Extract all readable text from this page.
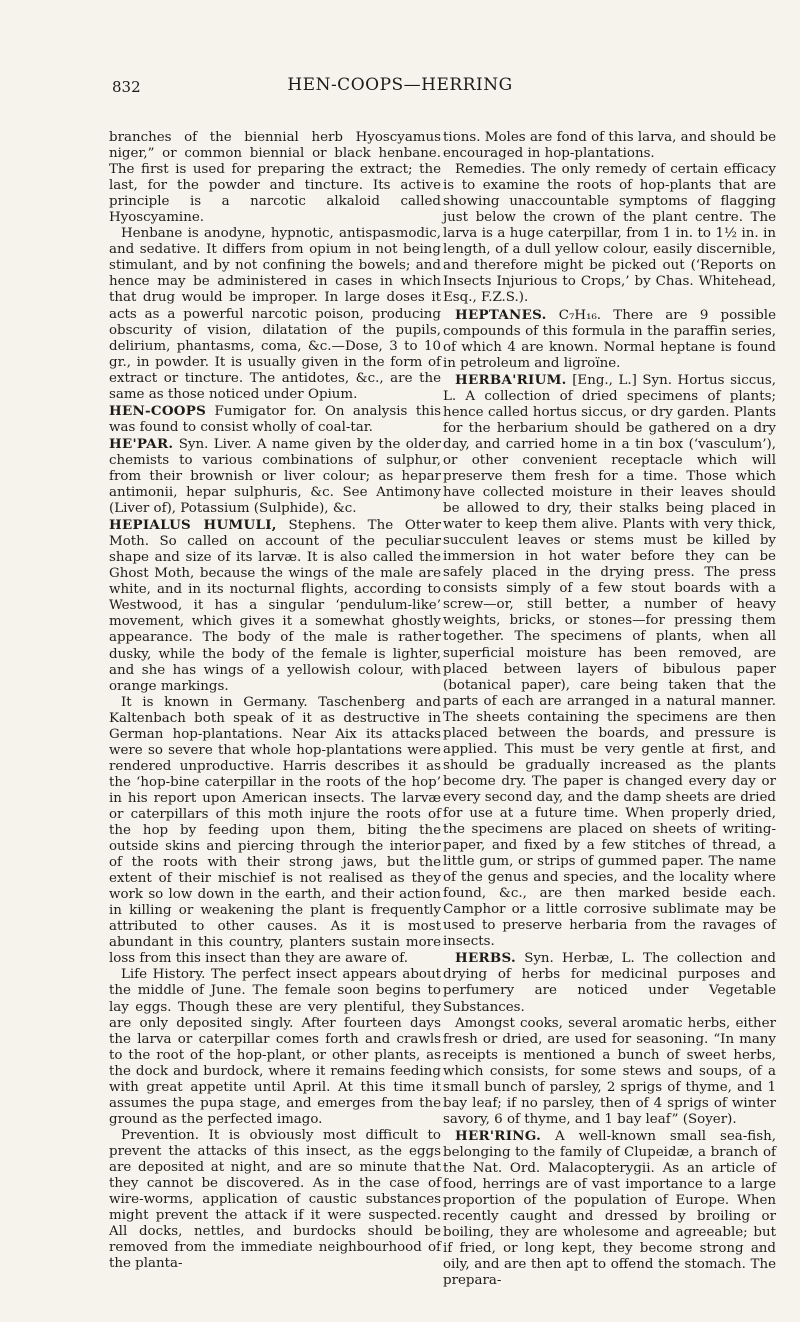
832	HEN-COOPS—HERRING

branches of the biennial herb Hyoscyamus niger,” or common biennial or black henbane. The first is used for preparing the extract; the last, for the powder and tincture. Its active principle is a narcotic alkaloid called Hyoscyamine.

Henbane is anodyne, hypnotic, antispasmodic, and sedative. It differs from opium in not being stimulant, and by not confining the bowels; and hence may be administered in cases in which that drug would be improper. In large doses it acts as a powerful narcotic poison, producing obscurity of vision, dilatation of the pupils, delirium, phantasms, coma, &c.—Dose, 3 to 10 gr., in powder. It is usually given in the form of extract or tincture. The antidotes, &c., are the same as those noticed under Opium.

HEN-COOPS Fumigator for. On analysis this was found to consist wholly of coal-tar.

HE'PAR. Syn. Liver. A name given by the older chemists to various combinations of sulphur, from their brownish or liver colour; as hepar antimonii, hepar sulphuris, &c. See Antimony (Liver of), Potassium (Sulphide), &c.

HEPIALUS HUMULI, Stephens. The Otter Moth. So called on account of the peculiar shape and size of its larvæ. It is also called the Ghost Moth, because the wings of the male are white, and in its nocturnal flights, according to Westwood, it has a singular ‘pendulum-like’ movement, which gives it a somewhat ghostly appearance. The body of the male is rather dusky, while the body of the female is lighter, and she has wings of a yellowish colour, with orange markings.

It is known in Germany. Taschenberg and Kaltenbach both speak of it as destructive in German hop-plantations. Near Aix its attacks were so severe that whole hop-plantations were rendered unproductive. Harris describes it as the ‘hop-bine caterpillar in the roots of the hop’ in his report upon American insects. The larvæ or caterpillars of this moth injure the roots of the hop by feeding upon them, biting the outside skins and piercing through the interior of the roots with their strong jaws, but the extent of their mischief is not realised as they work so low down in the earth, and their action in killing or weakening the plant is frequently attributed to other causes. As it is most abundant in this country, planters sustain more loss from this insect than they are aware of.

Life History. The perfect insect appears about the middle of June. The female soon begins to lay eggs. Though these are very plentiful, they are only deposited singly. After fourteen days the larva or caterpillar comes forth and crawls to the root of the hop-plant, or other plants, as the dock and burdock, where it remains feeding with great appetite until April. At this time it assumes the pupa stage, and emerges from the ground as the perfected imago.

Prevention. It is obviously most difficult to prevent the attacks of this insect, as the eggs are deposited at night, and are so minute that they cannot be discovered. As in the case of wire-worms, application of caustic substances might prevent the attack if it were suspected. All docks, nettles, and burdocks should be removed from the immediate neighbourhood of the planta-

tions. Moles are fond of this larva, and should be encouraged in hop-plantations.

Remedies. The only remedy of certain efficacy is to examine the roots of hop-plants that are showing unaccountable symptoms of flagging just below the crown of the plant centre. The larva is a huge caterpillar, from 1 in. to 1½ in. in length, of a dull yellow colour, easily discernible, and therefore might be picked out (‘Reports on Insects Injurious to Crops,’ by Chas. Whitehead, Esq., F.Z.S.).

HEPTANES. C₇H₁₆. There are 9 possible compounds of this formula in the paraffin series, of which 4 are known. Normal heptane is found in petroleum and ligroïne.

HERBA'RIUM. [Eng., L.] Syn. Hortus siccus, L. A collection of dried specimens of plants; hence called hortus siccus, or dry garden. Plants for the herbarium should be gathered on a dry day, and carried home in a tin box (‘vasculum’), or other convenient receptacle which will preserve them fresh for a time. Those which have collected moisture in their leaves should be allowed to dry, their stalks being placed in water to keep them alive. Plants with very thick, succulent leaves or stems must be killed by immersion in hot water before they can be safely placed in the drying press. The press consists simply of a few stout boards with a screw—or, still better, a number of heavy weights, bricks, or stones—for pressing them together. The specimens of plants, when all superficial moisture has been removed, are placed between layers of bibulous paper (botanical paper), care being taken that the parts of each are arranged in a natural manner. The sheets containing the specimens are then placed between the boards, and pressure is applied. This must be very gentle at first, and should be gradually increased as the plants become dry. The paper is changed every day or every second day, and the damp sheets are dried for use at a future time. When properly dried, the specimens are placed on sheets of writing-paper, and fixed by a few stitches of thread, a little gum, or strips of gummed paper. The name of the genus and species, and the locality where found, &c., are then marked beside each. Camphor or a little corrosive sublimate may be used to preserve herbaria from the ravages of insects.

HERBS. Syn. Herbæ, L. The collection and drying of herbs for medicinal purposes and perfumery are noticed under Vegetable Substances.

Amongst cooks, several aromatic herbs, either fresh or dried, are used for seasoning. “In many receipts is mentioned a bunch of sweet herbs, which consists, for some stews and soups, of a small bunch of parsley, 2 sprigs of thyme, and 1 bay leaf; if no parsley, then of 4 sprigs of winter savory, 6 of thyme, and 1 bay leaf” (Soyer).

HER'RING. A well-known small sea-fish, belonging to the family of Clupeidæ, a branch of the Nat. Ord. Malacopterygii. As an article of food, herrings are of vast importance to a large proportion of the population of Europe. When recently caught and dressed by broiling or boiling, they are wholesome and agreeable; but if fried, or long kept, they become strong and oily, and are then apt to offend the stomach. The prepara-
